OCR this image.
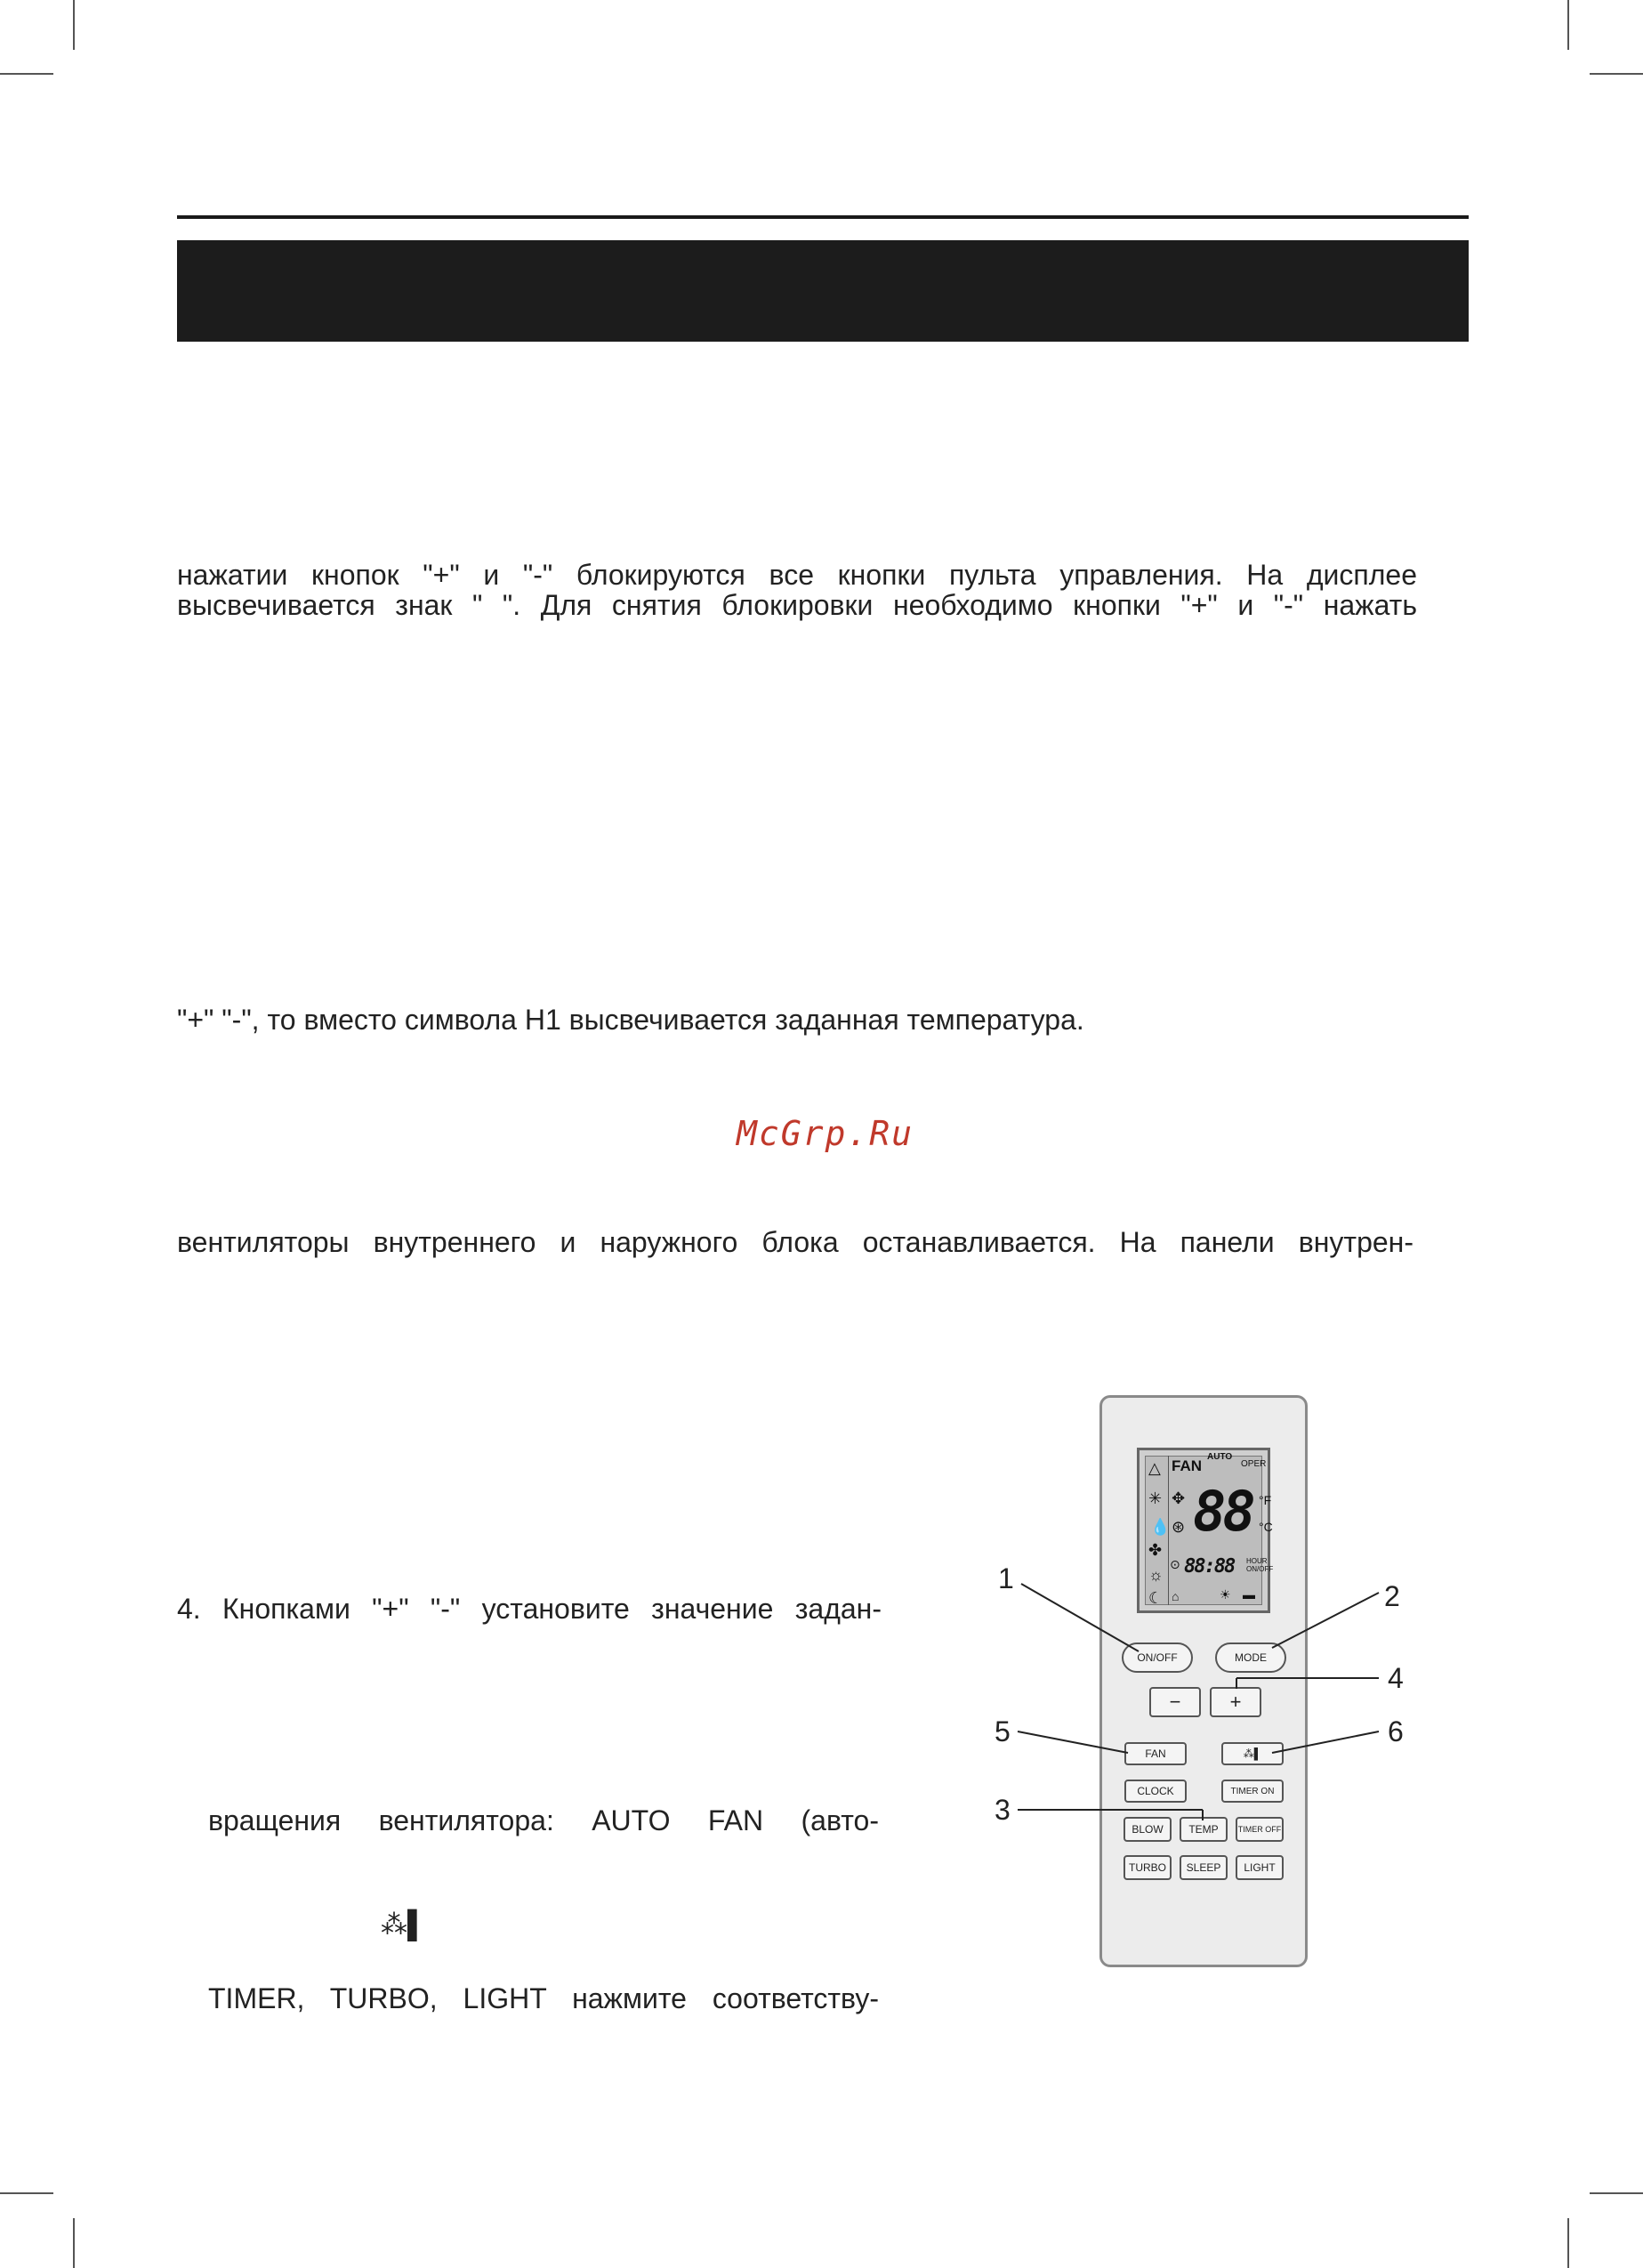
нажатии кнопок "+" и "-" блокируются все кнопки пульта управления. На дисплее
высвечивается знак " ". Для снятия блокировки необходимо кнопки "+" и "-" нажать
"+" "-", то вместо символа H1 высвечивается заданная температура.
McGrp.Ru
вентиляторы внутреннего и наружного блока останавливается. На панели внутрен-
4. Кнопками "+" "-" установите значение задан-
вращения вентилятора: AUTO FAN (авто-
⁂▌
TIMER, TURBO, LIGHT нажмите соответству-
△
✳
💧
✤
☼
☾
FAN
AUTO
OPER
✥
⊛ 88 °F
°C
⊙ 88:88 HOUR
ON/OFF
⌂	☀ ▬
ON/OFF	MODE
−	+
FAN	⁂▌
CLOCK	TIMER ON
BLOW	TEMP	TIMER OFF
TURBO	SLEEP	LIGHT
1
2
4
5	6
3
